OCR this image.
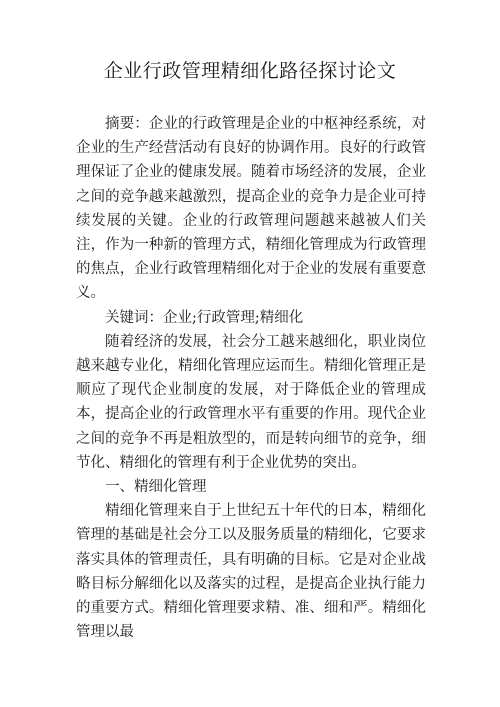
企业行政管理精细化路径探讨论文

摘要：企业的行政管理是企业的中枢神经系统，对企业的生产经营活动有良好的协调作用。良好的行政管理保证了企业的健康发展。随着市场经济的发展，企业之间的竞争越来越激烈，提高企业的竞争力是企业可持续发展的关键。企业的行政管理问题越来越被人们关注，作为一种新的管理方式，精细化管理成为行政管理的焦点，企业行政管理精细化对于企业的发展有重要意义。

关键词：企业;行政管理;精细化

随着经济的发展，社会分工越来越细化，职业岗位越来越专业化，精细化管理应运而生。精细化管理正是顺应了现代企业制度的发展，对于降低企业的管理成本，提高企业的行政管理水平有重要的作用。现代企业之间的竞争不再是粗放型的，而是转向细节的竞争，细节化、精细化的管理有利于企业优势的突出。

一、精细化管理

精细化管理来自于上世纪五十年代的日本，精细化管理的基础是社会分工以及服务质量的精细化，它要求落实具体的管理责任，具有明确的目标。它是对企业战略目标分解细化以及落实的过程，是提高企业执行能力的重要方式。精细化管理要求精、准、细和严。精细化管理以最
